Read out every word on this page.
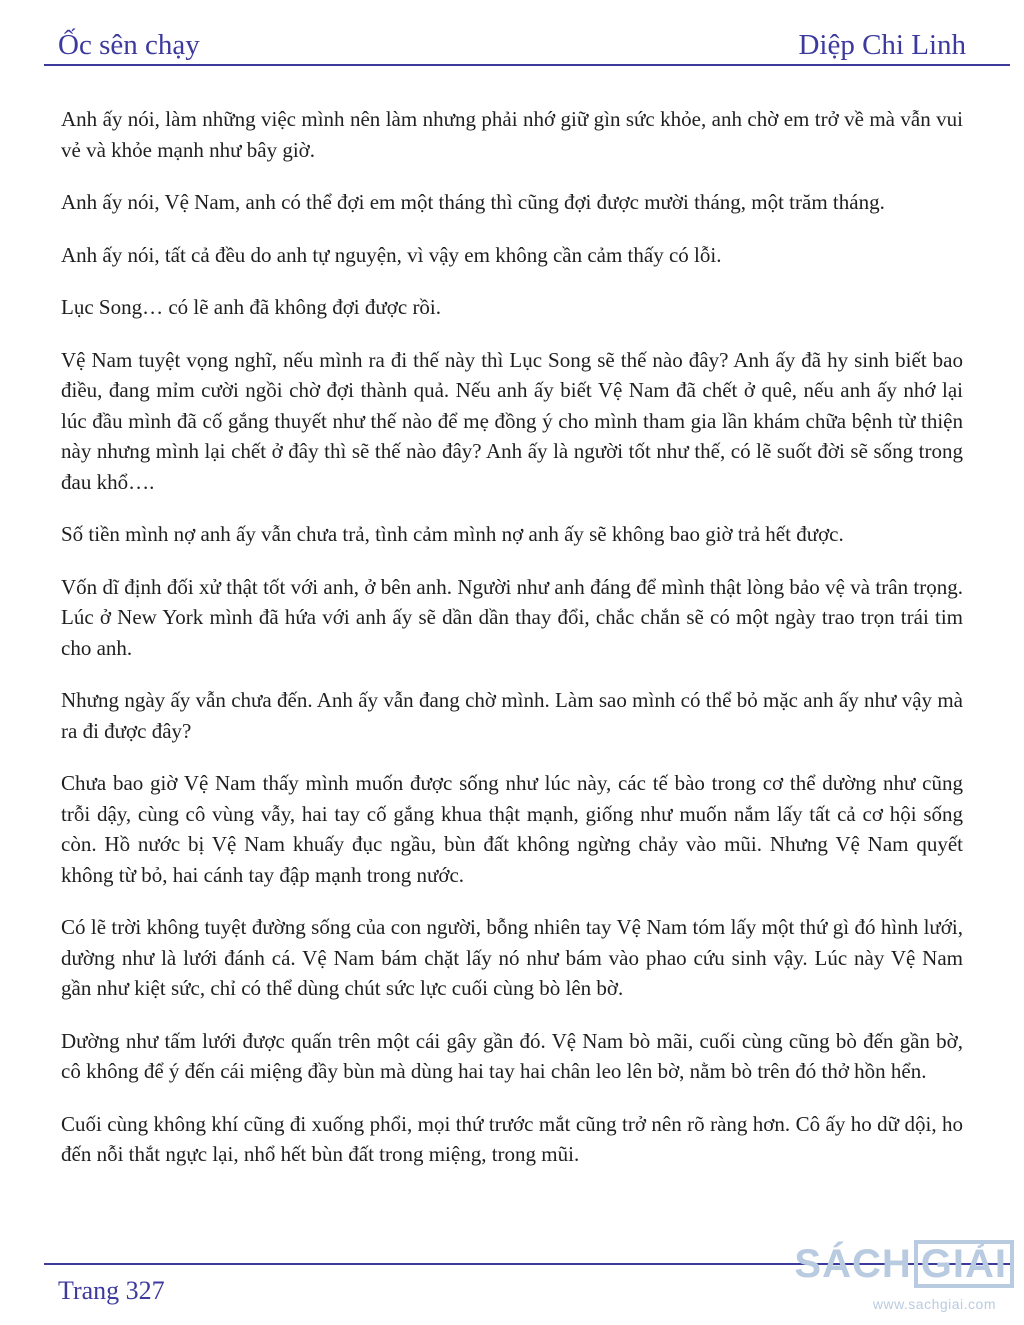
Ốc sên chạy	Diệp Chi Linh

Anh ấy nói, làm những việc mình nên làm nhưng phải nhớ giữ gìn sức khỏe, anh chờ em trở về mà vẫn vui vẻ và khỏe mạnh như bây giờ.

Anh ấy nói, Vệ Nam, anh có thể đợi em một tháng thì cũng đợi được mười tháng, một trăm tháng.

Anh ấy nói, tất cả đều do anh tự nguyện, vì vậy em không cần cảm thấy có lỗi.

Lục Song… có lẽ anh đã không đợi được rồi.

Vệ Nam tuyệt vọng nghĩ, nếu mình ra đi thế này thì Lục Song sẽ thế nào đây? Anh ấy đã hy sinh biết bao điều, đang mỉm cười ngồi chờ đợi thành quả. Nếu anh ấy biết Vệ Nam đã chết ở quê, nếu anh ấy nhớ lại lúc đầu mình đã cố gắng thuyết như thế nào để mẹ đồng ý cho mình tham gia lần khám chữa bệnh từ thiện này nhưng mình lại chết ở đây thì sẽ thế nào đây? Anh ấy là người tốt như thế, có lẽ suốt đời sẽ sống trong đau khổ….

Số tiền mình nợ anh ấy vẫn chưa trả, tình cảm mình nợ anh ấy sẽ không bao giờ trả hết được.

Vốn dĩ định đối xử thật tốt với anh, ở bên anh. Người như anh đáng để mình thật lòng bảo vệ và trân trọng. Lúc ở New York mình đã hứa với anh ấy sẽ dần dần thay đổi, chắc chắn sẽ có một ngày trao trọn trái tim cho anh.

Nhưng ngày ấy vẫn chưa đến. Anh ấy vẫn đang chờ mình. Làm sao mình có thể bỏ mặc anh ấy như vậy mà ra đi được đây?

Chưa bao giờ Vệ Nam thấy mình muốn được sống như lúc này, các tế bào trong cơ thể dường như cũng trỗi dậy, cùng cô vùng vẫy, hai tay cố gắng khua thật mạnh, giống như muốn nắm lấy tất cả cơ hội sống còn. Hồ nước bị Vệ Nam khuấy đục ngầu, bùn đất không ngừng chảy vào mũi. Nhưng Vệ Nam quyết không từ bỏ, hai cánh tay đập mạnh trong nước.

Có lẽ trời không tuyệt đường sống của con người, bỗng nhiên tay Vệ Nam tóm lấy một thứ gì đó hình lưới, dường như là lưới đánh cá. Vệ Nam bám chặt lấy nó như bám vào phao cứu sinh vậy. Lúc này Vệ Nam gần như kiệt sức, chỉ có thể dùng chút sức lực cuối cùng bò lên bờ.

Dường như tấm lưới được quấn trên một cái gây gần đó. Vệ Nam bò mãi, cuối cùng cũng bò đến gần bờ, cô không để ý đến cái miệng đầy bùn mà dùng hai tay hai chân leo lên bờ, nằm bò trên đó thở hồn hển.

Cuối cùng không khí cũng đi xuống phổi, mọi thứ trước mắt cũng trở nên rõ ràng hơn. Cô ấy ho dữ dội, ho đến nỗi thắt ngực lại, nhổ hết bùn đất trong miệng, trong mũi.

Trang 327
SÁCH GIẢI
www.sachgiai.com
